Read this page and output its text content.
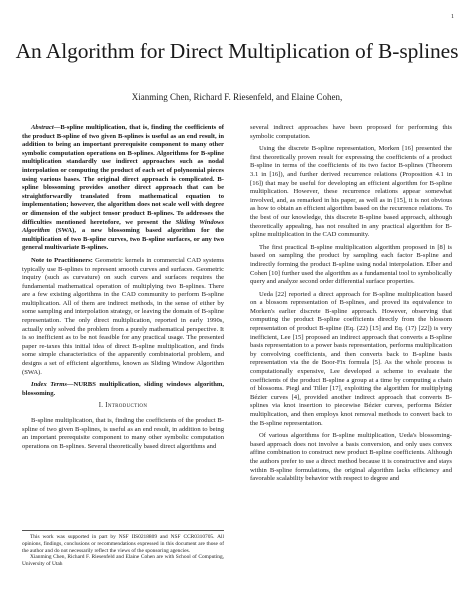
1
An Algorithm for Direct Multiplication of B-splines
Xianming Chen, Richard F. Riesenfeld, and Elaine Cohen,

Abstract—B-spline multiplication, that is, finding the coefficients of the product B-spline of two given B-splines is useful as an end result, in addition to being an important prerequisite component to many other symbolic computation operations on B-splines. Algorithms for B-spline multiplication standardly use indirect approaches such as nodal interpolation or computing the product of each set of polynomial pieces using various bases. The original direct approach is complicated. B-spline blossoming provides another direct approach that can be straightforwardly translated from mathematical equation to implementation; however, the algorithm does not scale well with degree or dimension of the subject tensor product B-splines. To addresses the difficulties mentioned heretofore, we present the Sliding Windows Algorithm (SWA), a new blossoming based algorithm for the multiplication of two B-spline curves, two B-spline surfaces, or any two general multivariate B-splines.

Note to Practitioners: Geometric kernels in commercial CAD systems typically use B-splines to represent smooth curves and surfaces. Geometric inquiry (such as curvature) on such curves and surfaces requires the fundamental mathematical operation of multiplying two B-splines. There are a few existing algorithms in the CAD community to perform B-spline multiplication. All of them are indirect methods, in the sense of either by some sampling and interpolation strategy, or leaving the domain of B-spline representation. The only direct multiplication, reported in early 1990s, actually only solved the problem from a purely mathematical perspective. It is so inefficient as to be not feasible for any practical usage. The presented paper re-taxes this initial idea of direct B-spline multiplication, and finds some simple characteristics of the apparently combinatorial problem, and designs a set of efficient algorithms, known as Sliding Window Algorithm (SWA).

Index Terms—NURBS multiplication, sliding windows algorithm, blossoming.

I. Introduction

B-spline multiplication, that is, finding the coefficients of the product B-spline of two given B-splines, is useful as an end result, in addition to being an important prerequisite component to many other symbolic computation operations on B-splines. Several theoretically based direct algorithms and

This work was supported in part by NSF IIS0218809 and NSF CCR0310705. All opinions, findings, conclusions or recommendations expressed in this document are those of the author and do not necessarily reflect the views of the sponsoring agencies.
Xianming Chen, Richard F. Riesenfeld and Elaine Cohen are with School of Computing, University of Utah

several indirect approaches have been proposed for performing this symbolic computation.

Using the discrete B-spline representation, Morken [16] presented the first theoretically proven result for expressing the coefficients of a product B-spline in terms of the coefficients of its two factor B-splines (Theorem 3.1 in [16]), and further derived recurrence relations (Proposition 4.1 in [16]) that may be useful for developing an efficient algorithm for B-spline multiplication. However, these recurrence relations appear somewhat involved, and, as remarked in his paper, as well as in [15], it is not obvious as how to obtain an efficient algorithm based on the recurrence relations. To the best of our knowledge, this discrete B-spline based approach, although theoretically appealing, has not resulted in any practical algorithm for B-spline multiplication in the CAD community.

The first practical B-spline multiplication algorithm proposed in [8] is based on sampling the product by sampling each factor B-spline and indirectly forming the product B-spline using nodal interpolation. Elber and Cohen [10] further used the algorithm as a fundamental tool to symbolically query and analyze second order differential surface properties.

Ueda [22] reported a direct approach for B-spline multiplication based on a blossom representation of B-splines, and proved its equivalence to Morken's earlier discrete B-spline approach. However, observing that computing the product B-spline coefficients directly from the blossom representation of product B-spline (Eq. (22) [15] and Eq. (17) [22]) is very inefficient, Lee [15] proposed an indirect approach that converts a B-spline basis representation to a power basis representation, performs multiplication by convolving coefficients, and then converts back to B-spline basis representation via the de Boor-Fix formula [5]. As the whole process is computationally expensive, Lee developed a scheme to evaluate the coefficients of the product B-spline a group at a time by computing a chain of blossoms. Piegl and Tiller [17], exploiting the algorithm for multiplying Bézier curves [4], provided another indirect approach that converts B-splines via knot insertion to piecewise Bézier curves, performs Bézier multiplication, and then employs knot removal methods to convert back to the B-spline representation.

Of various algorithms for B-spline multiplication, Ueda's blossoming-based approach does not involve a basis conversion, and only uses convex affine combination to construct new product B-spline coefficients. Although the authors prefer to use a direct method because it is constructive and stays within B-spline formulations, the original algorithm lacks efficiency and favorable scalability behavior with respect to degree and
